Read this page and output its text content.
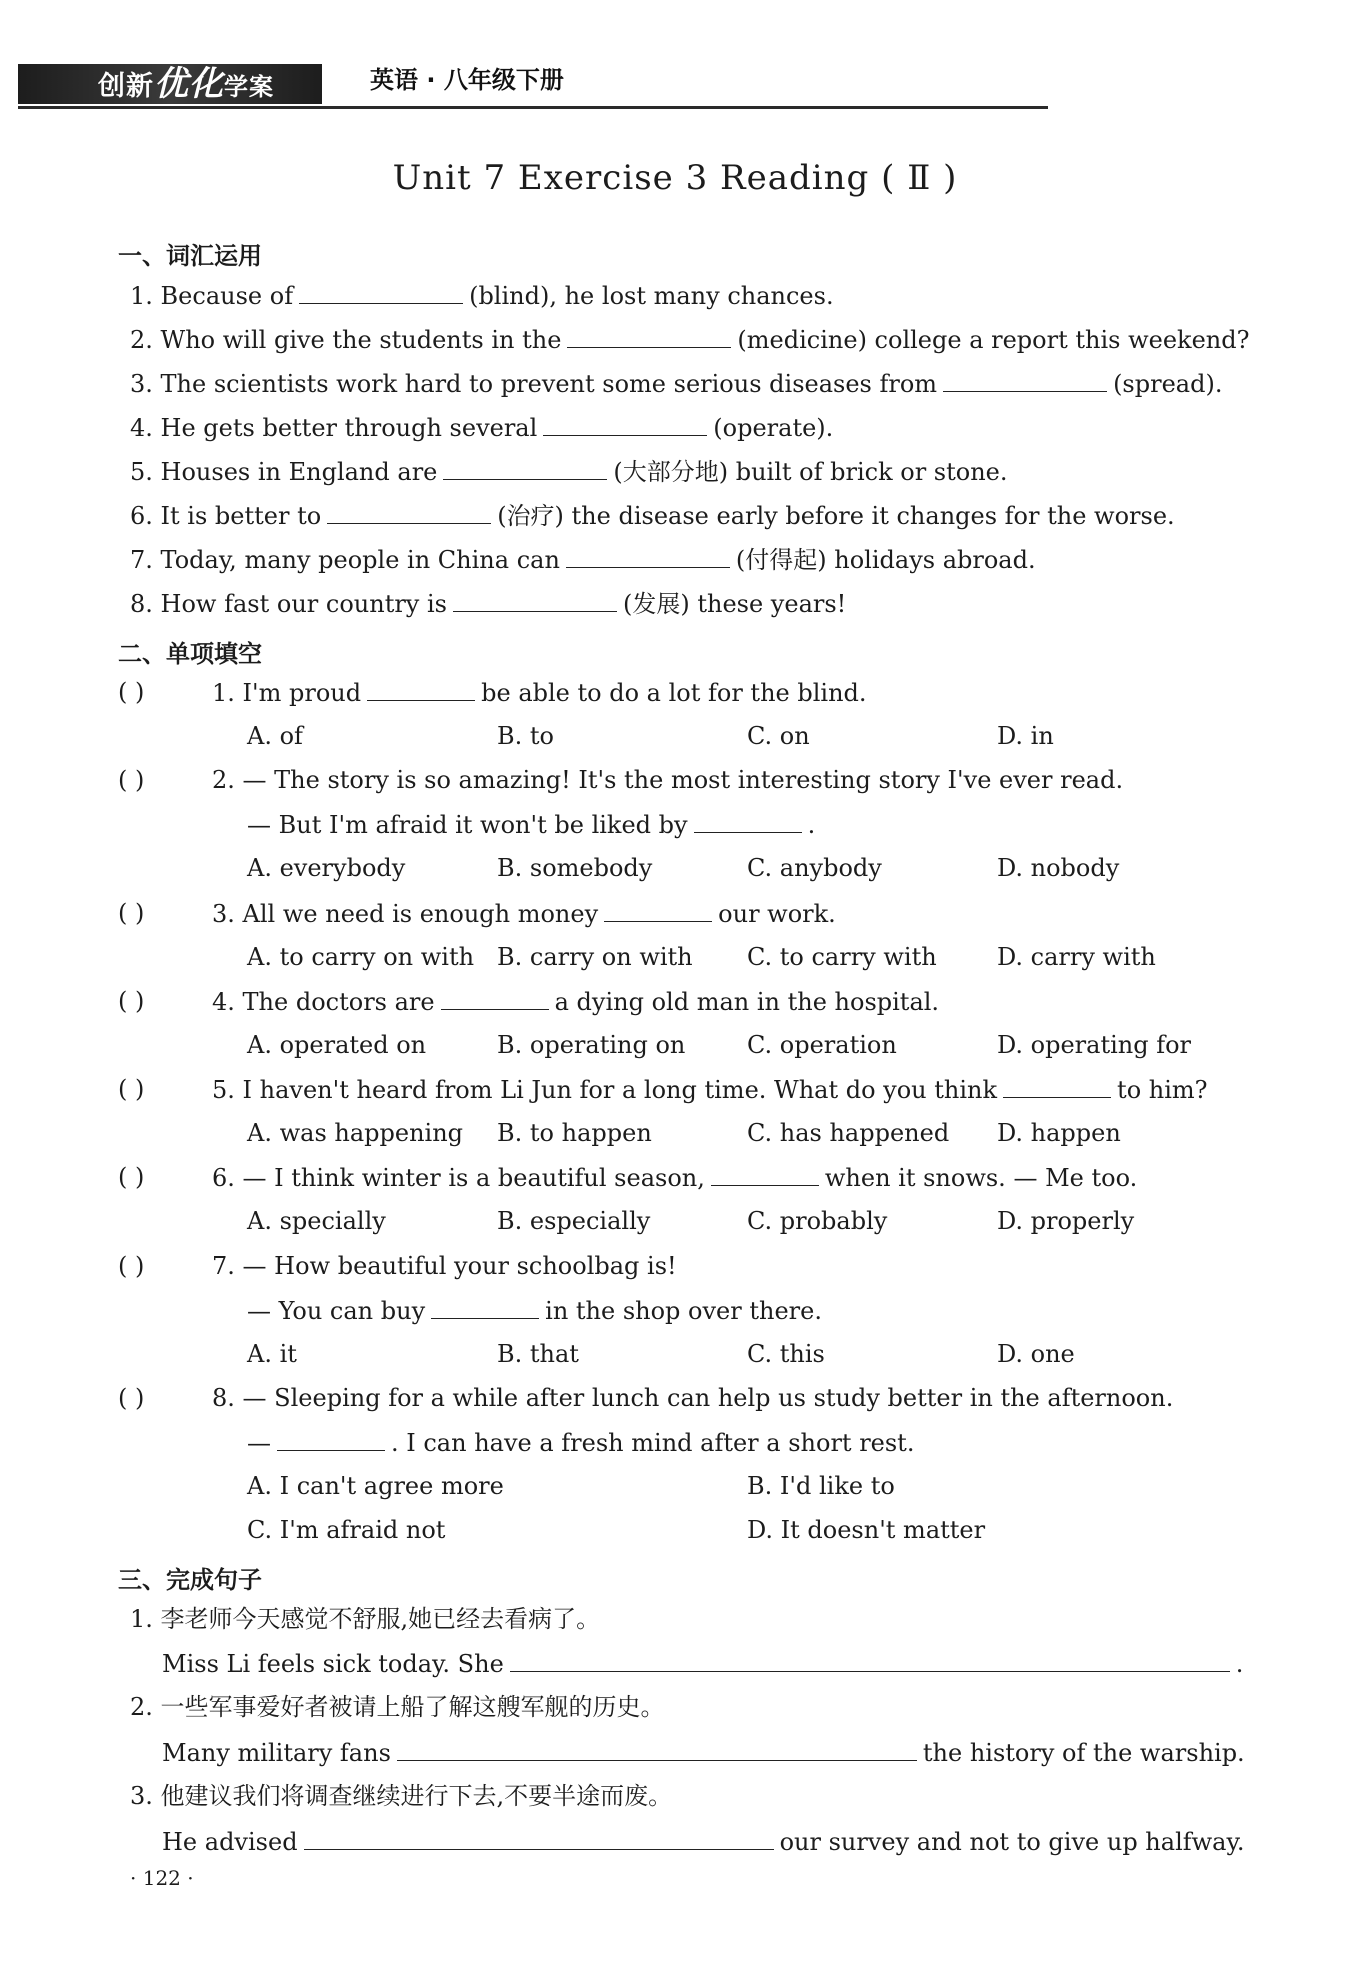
创新优化学案	英语 · 八年级下册
Unit 7 Exercise 3 Reading ( Ⅱ )
一、词汇运用
1. Because of	(blind), he lost many chances.
2. Who will give the students in the	(medicine) college a report this weekend?
3. The scientists work hard to prevent some serious diseases from	(spread).
4. He gets better through several	(operate).
5. Houses in England are	(大部分地) built of brick or stone.
6. It is better to	(治疗) the disease early before it changes for the worse.
7. Today, many people in China can	(付得起) holidays abroad.
8. How fast our country is	(发展) these years!
二、单项填空
( )	1. I'm proud	be able to do a lot for the blind.
A. of	B. to	C. on	D. in
( )	2. — The story is so amazing! It's the most interesting story I've ever read.
— But I'm afraid it won't be liked by	.
A. everybody	B. somebody	C. anybody	D. nobody
( )	3. All we need is enough money	our work.
A. to carry on with B. carry on with C. to carry with	D. carry with
( )	4. The doctors are	a dying old man in the hospital.
A. operated on	B. operating on	C. operation	D. operating for
( )	5. I haven't heard from Li Jun for a long time. What do you think	to him?
A. was happening B. to happen	C. has happened D. happen
( )	6. — I think winter is a beautiful season,	when it snows. — Me too.
A. specially	B. especially	C. probably	D. properly
( )	7. — How beautiful your schoolbag is!
— You can buy	in the shop over there.
A. it	B. that	C. this	D. one
( )	8. — Sleeping for a while after lunch can help us study better in the afternoon.
—	. I can have a fresh mind after a short rest.
A. I can't agree more	B. I'd like to
C. I'm afraid not	D. It doesn't matter
三、完成句子
1. 李老师今天感觉不舒服,她已经去看病了。
Miss Li feels sick today. She	.
2. 一些军事爱好者被请上船了解这艘军舰的历史。
Many military fans	the history of the warship.
3. 他建议我们将调查继续进行下去,不要半途而废。
He advised	our survey and not to give up halfway.
· 122 ·
